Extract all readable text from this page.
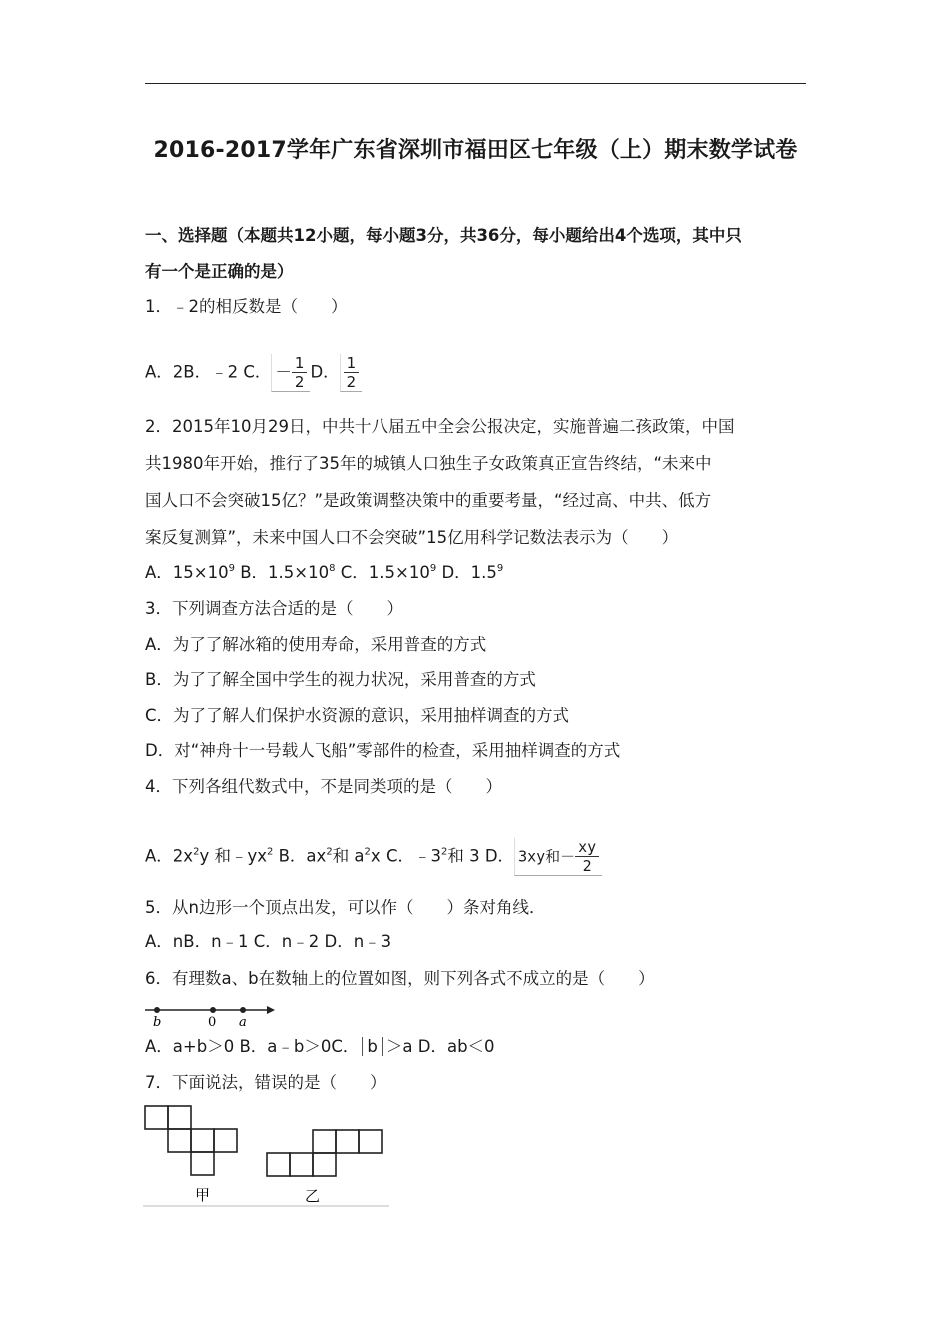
2016-2017学年广东省深圳市福田区七年级（上）期末数学试卷
一、选择题（本题共12小题，每小题3分，共36分，每小题给出4个选项，其中只
有一个是正确的是）
1．﹣2的相反数是（　　）
A．2B．﹣2 C． － $\frac{1}{2}$ D． $\frac{1}{2}$
2．2015年10月29日，中共十八届五中全会公报决定，实施普遍二孩政策，中国
共1980年开始，推行了35年的城镇人口独生子女政策真正宣告终结，“未来中
国人口不会突破15亿？”是政策调整决策中的重要考量，“经过高、中共、低方
案反复测算”，未来中国人口不会突破”15亿用科学记数法表示为（　　）
A．$15\times 10^9$ B．$1.5\times 10^8$ C．$1.5\times 10^9$ D．$1.5^9$
3．下列调查方法合适的是（　　）
A．为了了解冰箱的使用寿命，采用普查的方式
B．为了了解全国中学生的视力状况，采用普查的方式
C．为了了解人们保护水资源的意识，采用抽样调查的方式
D．对“神舟十一号载人飞船”零部件的检查，采用抽样调查的方式
4．下列各组代数式中，不是同类项的是（　　）
A．$2x^2y$ 和$﹣yx^2$ B．$ax^2$和 $a^2x$ C．$﹣3^2$和 3 D． 3xy和－ $\frac{xy}{2}$
5．从n边形一个顶点出发，可以作（　　）条对角线．
A．nB．n﹣1 C．n﹣2 D．n﹣3
6．有理数a、b在数轴上的位置如图，则下列各式不成立的是（　　）
b	0 a
A．a+b＞0 B．a﹣b＞0C． b ＞a D．ab＜0
7．下面说法，错误的是（　　）
甲	乙
